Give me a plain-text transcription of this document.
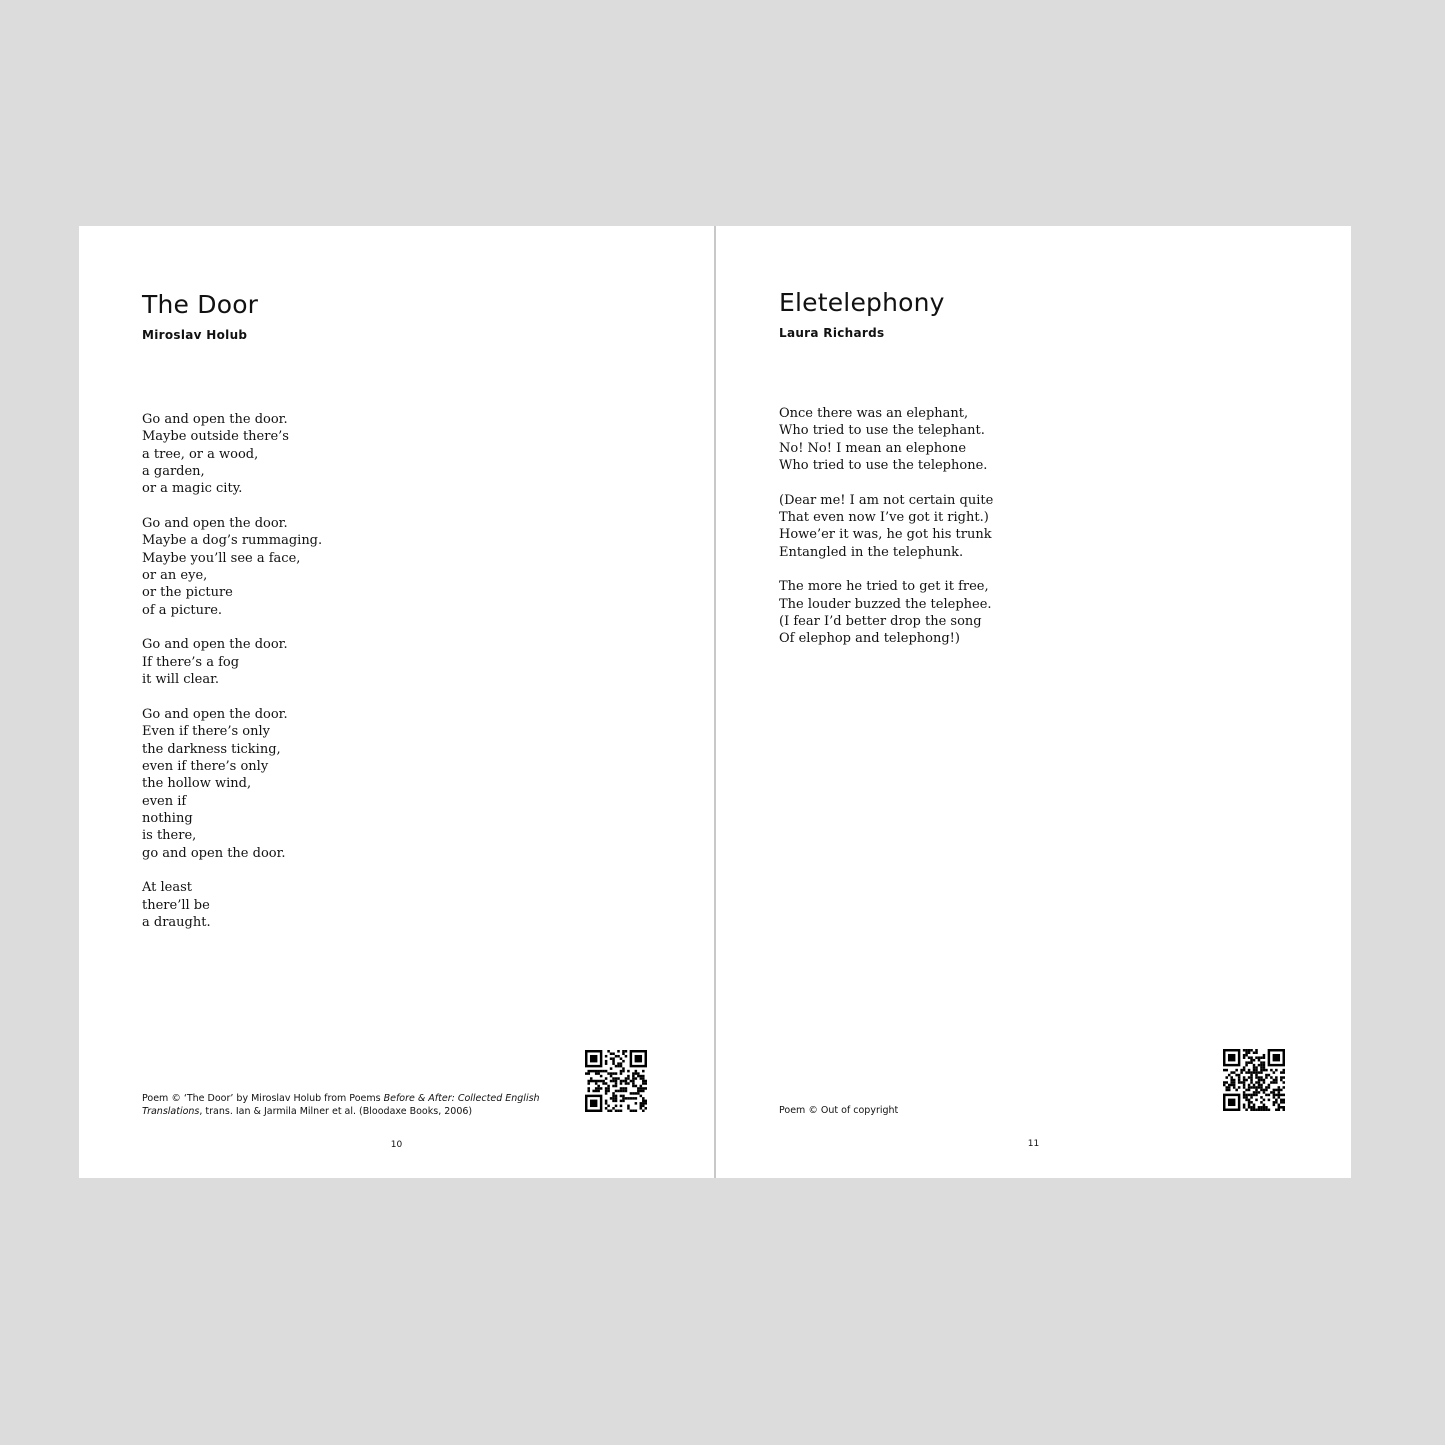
The Door
Miroslav Holub
Go and open the door.
Maybe outside there’s
a tree, or a wood,
a garden,
or a magic city.
Go and open the door.
Maybe a dog’s rummaging.
Maybe you’ll see a face,
or an eye,
or the picture
of a picture.
Go and open the door.
If there’s a fog
it will clear.
Go and open the door.
Even if there’s only
the darkness ticking,
even if there’s only
the hollow wind,
even if
nothing
is there,
go and open the door.
At least
there’ll be
a draught.
Poem © ‘The Door’ by Miroslav Holub from Poems Before & After: Collected English Translations, trans. Ian & Jarmila Milner et al. (Bloodaxe Books, 2006)
10
Eletelephony
Laura Richards
Once there was an elephant,
Who tried to use the telephant.
No! No! I mean an elephone
Who tried to use the telephone.
(Dear me! I am not certain quite
That even now I’ve got it right.)
Howe’er it was, he got his trunk
Entangled in the telephunk.
The more he tried to get it free,
The louder buzzed the telephee.
(I fear I’d better drop the song
Of elephop and telephong!)
Poem © Out of copyright
11
